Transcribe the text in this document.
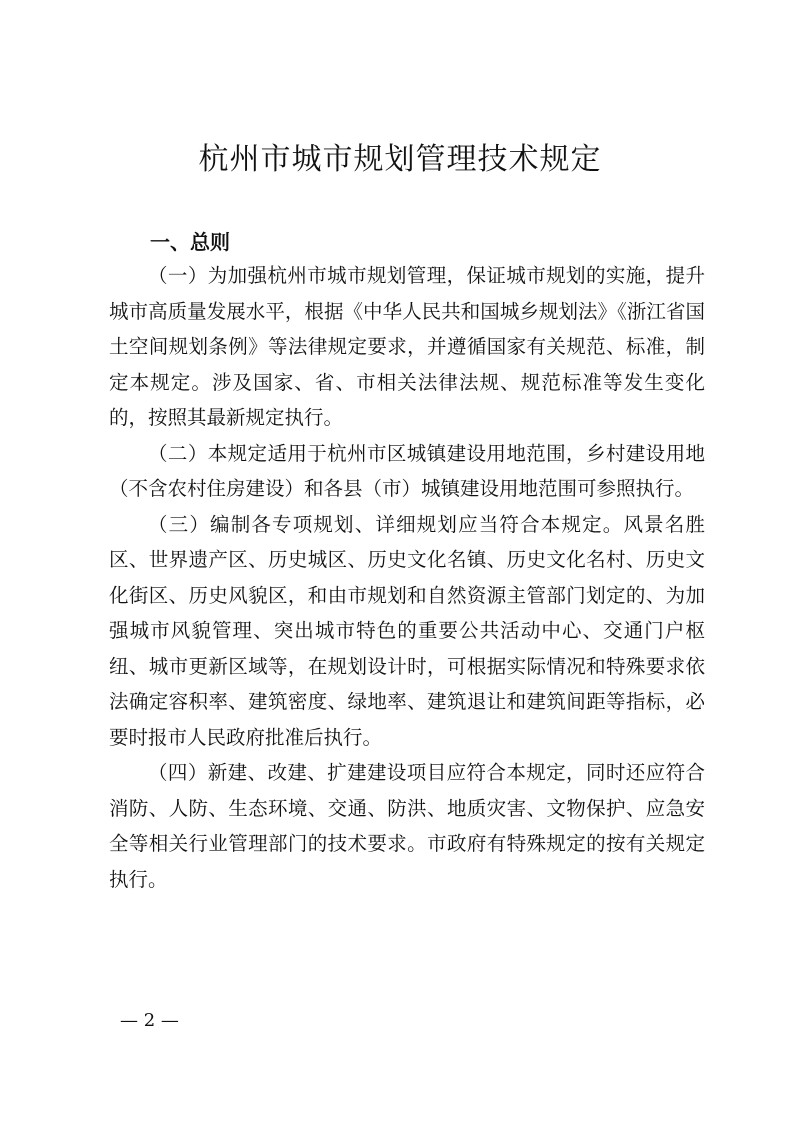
杭州市城市规划管理技术规定
一、总则

（一）为加强杭州市城市规划管理，保证城市规划的实施，提升城市高质量发展水平，根据《中华人民共和国城乡规划法》《浙江省国土空间规划条例》等法律规定要求，并遵循国家有关规范、标准，制定本规定。涉及国家、省、市相关法律法规、规范标准等发生变化的，按照其最新规定执行。

（二）本规定适用于杭州市区城镇建设用地范围，乡村建设用地（不含农村住房建设）和各县（市）城镇建设用地范围可参照执行。

（三）编制各专项规划、详细规划应当符合本规定。风景名胜区、世界遗产区、历史城区、历史文化名镇、历史文化名村、历史文化街区、历史风貌区，和由市规划和自然资源主管部门划定的、为加强城市风貌管理、突出城市特色的重要公共活动中心、交通门户枢纽、城市更新区域等，在规划设计时，可根据实际情况和特殊要求依法确定容积率、建筑密度、绿地率、建筑退让和建筑间距等指标，必要时报市人民政府批准后执行。

（四）新建、改建、扩建建设项目应符合本规定，同时还应符合消防、人防、生态环境、交通、防洪、地质灾害、文物保护、应急安全等相关行业管理部门的技术要求。市政府有特殊规定的按有关规定执行。

— 2 —
